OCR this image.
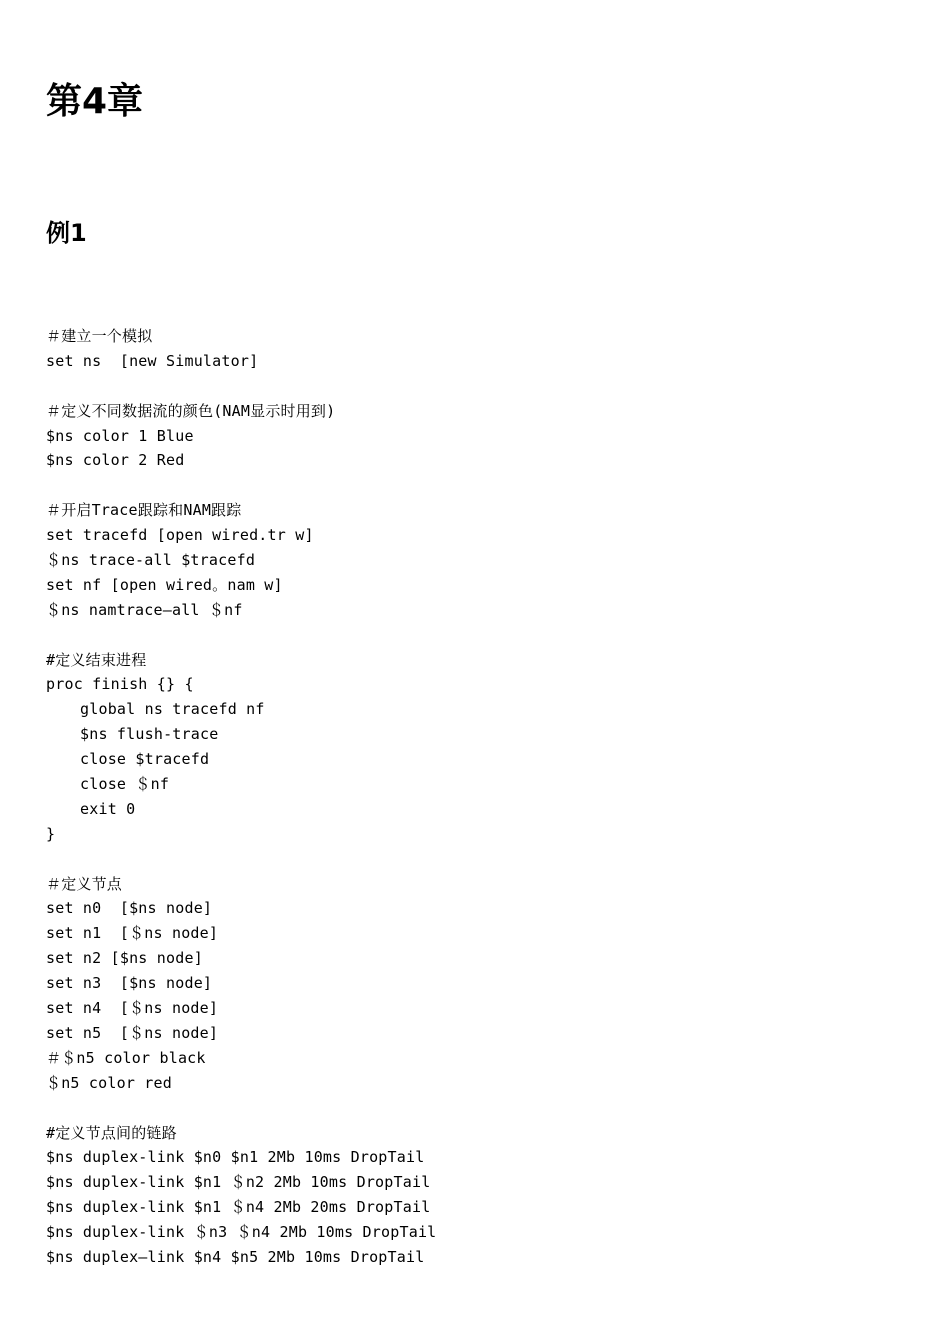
第4章
例1
＃建立一个模拟
set ns  [new Simulator]
＃定义不同数据流的颜色(NAM显示时用到)
$ns color 1 Blue
$ns color 2 Red
＃开启Trace跟踪和NAM跟踪
set tracefd [open wired.tr w]
＄ns trace-all $tracefd
set nf [open wired。nam w]
＄ns namtrace—all ＄nf
#定义结束进程
proc finish {} {
global ns tracefd nf
$ns flush-trace
close $tracefd
close ＄nf
exit 0
}
＃定义节点
set n0  [$ns node]
set n1  [＄ns node]
set n2 [$ns node]
set n3  [$ns node]
set n4  [＄ns node]
set n5  [＄ns node]
＃＄n5 color black
＄n5 color red
#定义节点间的链路
$ns duplex-link $n0 $n1 2Mb 10ms DropTail
$ns duplex-link $n1 ＄n2 2Mb 10ms DropTail
$ns duplex-link $n1 ＄n4 2Mb 20ms DropTail
$ns duplex-link ＄n3 ＄n4 2Mb 10ms DropTail
$ns duplex—link $n4 $n5 2Mb 10ms DropTail
